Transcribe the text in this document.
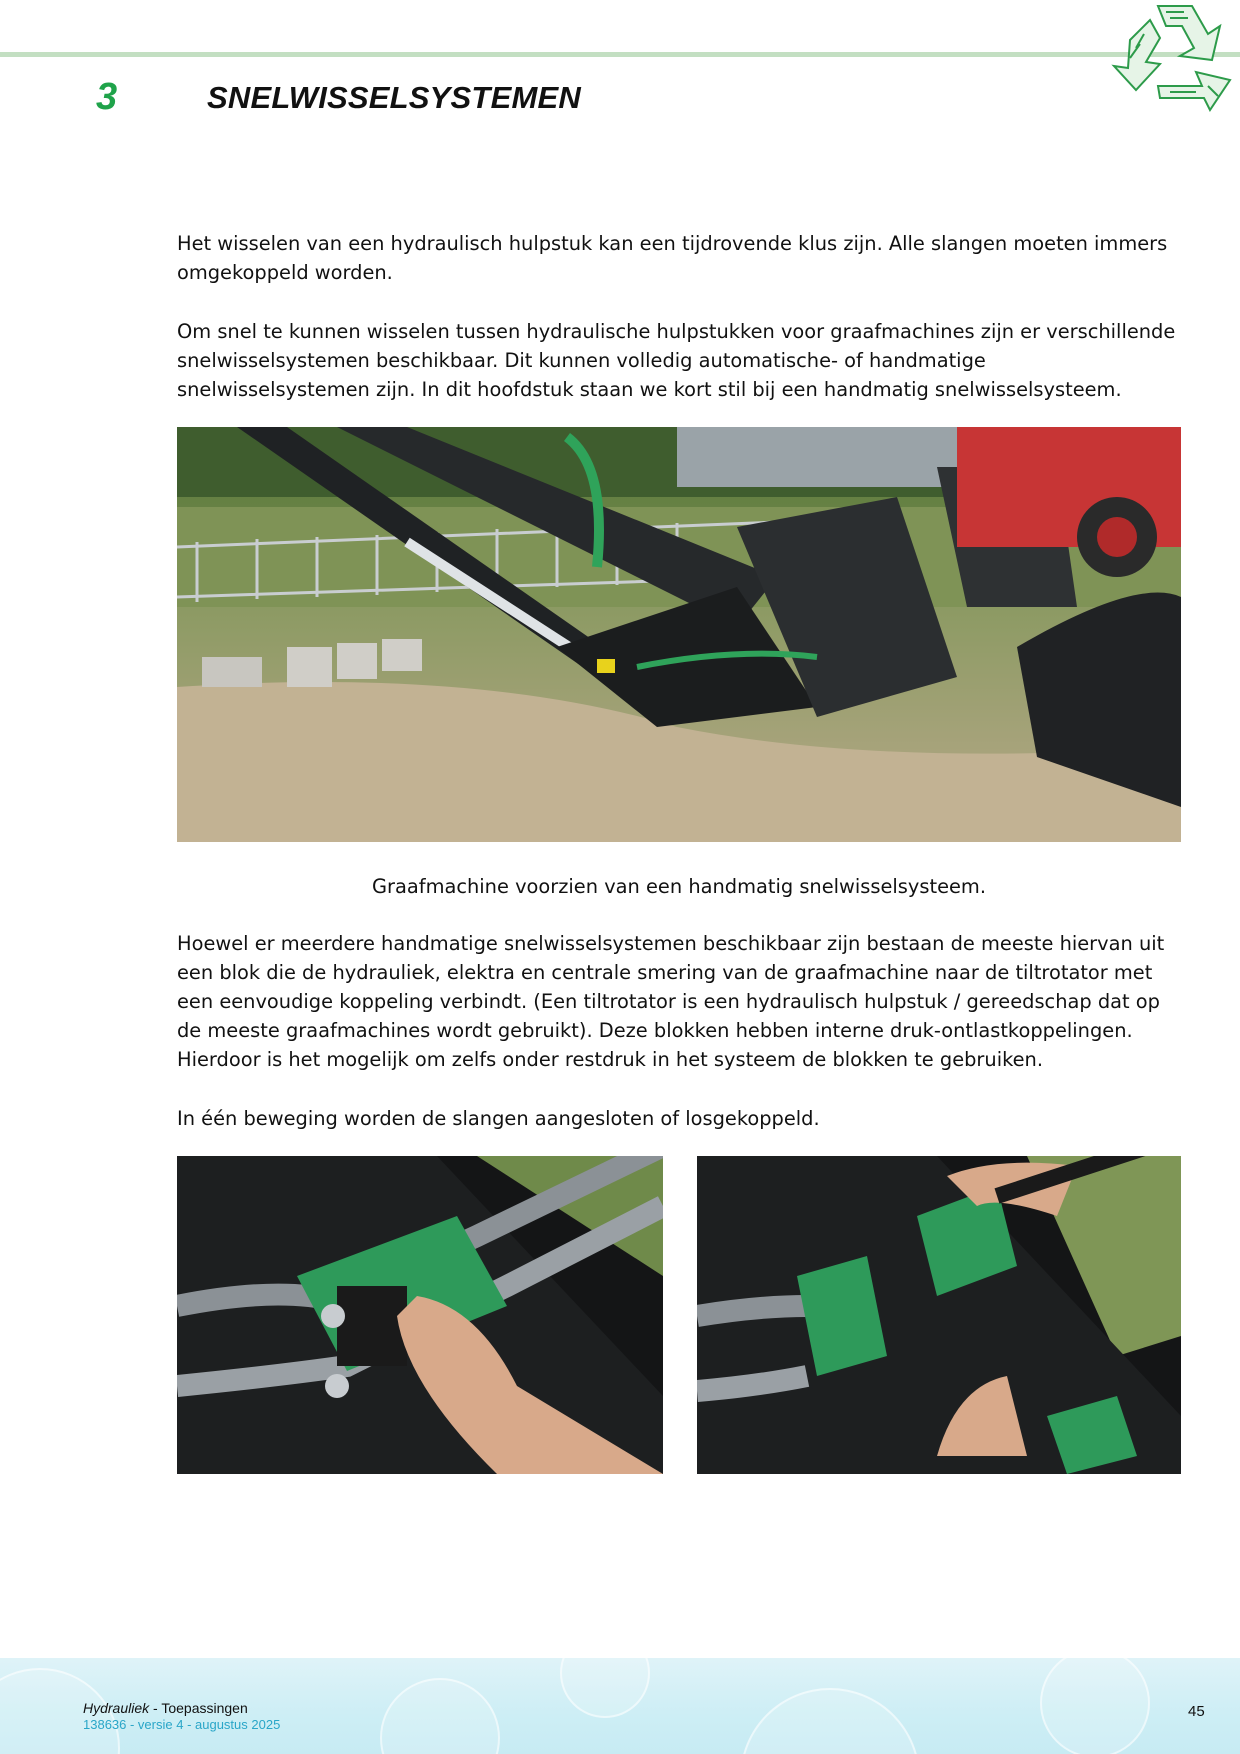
3	SNELWISSELSYSTEMEN

Het wisselen van een hydraulisch hulpstuk kan een tijdrovende klus zijn. Alle slangen moeten immers omgekoppeld worden.

Om snel te kunnen wisselen tussen hydraulische hulpstukken voor graafmachines zijn er verschillende snelwisselsystemen beschikbaar. Dit kunnen volledig automatische- of handmatige snelwisselsystemen zijn. In dit hoofdstuk staan we kort stil bij een handmatig snelwisselsysteem.

Graafmachine voorzien van een handmatig snelwisselsysteem.

Hoewel er meerdere handmatige snelwisselsystemen beschikbaar zijn bestaan de meeste hiervan uit een blok die de hydrauliek, elektra en centrale smering van de graafmachine naar de tiltrotator met een eenvoudige koppeling verbindt. (Een tiltrotator is een hydraulisch hulpstuk / gereedschap dat op de meeste graafmachines wordt gebruikt). Deze blokken hebben interne druk-ontlastkoppelingen. Hierdoor is het mogelijk om zelfs onder restdruk in het systeem de blokken te gebruiken.

In één beweging worden de slangen aangesloten of losgekoppeld.

Hydrauliek - Toepassingen
138636 - versie 4 - augustus 2025
45
